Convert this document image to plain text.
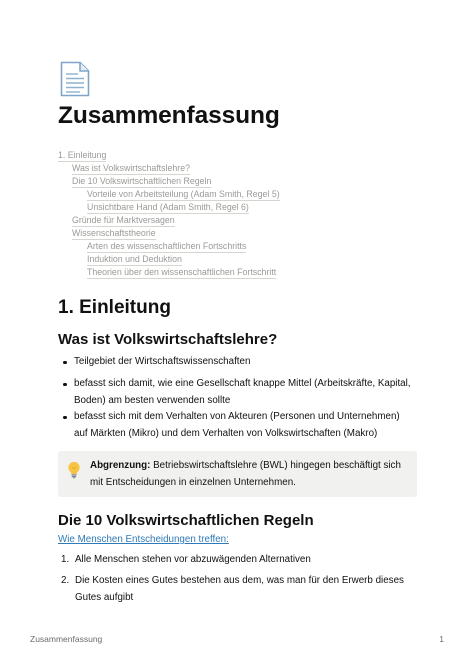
Zusammenfassung
1. Einleitung
Was ist Volkswirtschaftslehre?
Die 10 Volkswirtschaftlichen Regeln
Vorteile von Arbeitsteilung (Adam Smith, Regel 5)
Unsichtbare Hand (Adam Smith, Regel 6)
Gründe für Marktversagen
Wissenschaftstheorie
Arten des wissenschaftlichen Fortschritts
Induktion und Deduktion
Theorien über den wissenschaftlichen Fortschritt
1. Einleitung
Was ist Volkswirtschaftslehre?
Teilgebiet der Wirtschaftswissenschaften
befasst sich damit, wie eine Gesellschaft knappe Mittel (Arbeitskräfte, Kapital, Boden) am besten verwenden sollte
befasst sich mit dem Verhalten von Akteuren (Personen und Unternehmen) auf Märkten (Mikro) und dem Verhalten von Volkswirtschaften (Makro)
Abgrenzung: Betriebswirtschaftslehre (BWL) hingegen beschäftigt sich mit Entscheidungen in einzelnen Unternehmen.
Die 10 Volkswirtschaftlichen Regeln
Wie Menschen Entscheidungen treffen:
1. Alle Menschen stehen vor abzuwägenden Alternativen
2. Die Kosten eines Gutes bestehen aus dem, was man für den Erwerb dieses Gutes aufgibt
Zusammenfassung	1
